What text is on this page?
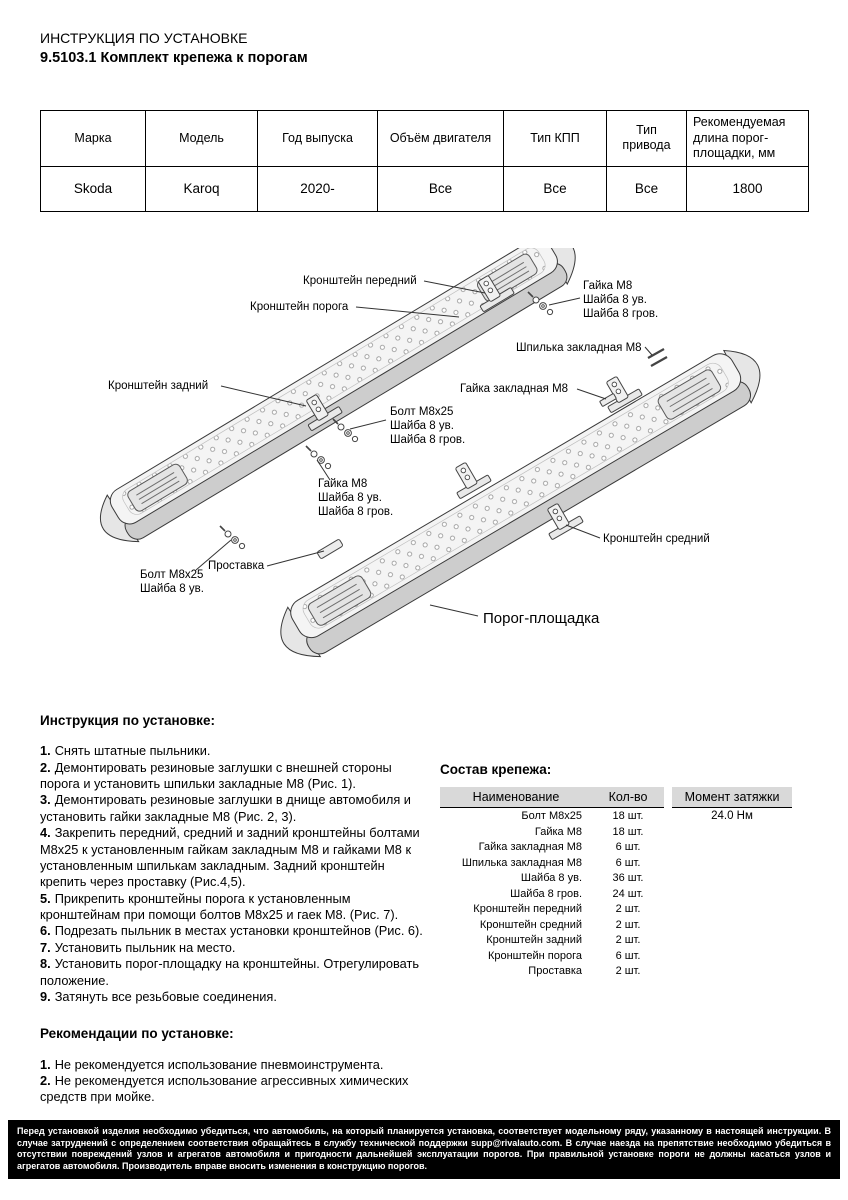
ИНСТРУКЦИЯ ПО УСТАНОВКЕ
9.5103.1 Комплект крепежа к порогам
Марка	Модель	Год выпуска	Объём двигателя	Тип КПП	Тип привода	Рекомендуемая длина порог-площадки, мм
Skoda	Karoq	2020-	Все	Все	Все	1800
Кронштейн передний
Кронштейн порога
Гайка М8 Шайба 8 ув. Шайба 8 гров.
Шпилька закладная М8
Гайка закладная М8
Кронштейн задний
Болт М8х25 Шайба 8 ув. Шайба 8 гров.
Гайка М8 Шайба 8 ув. Шайба 8 гров.
Кронштейн средний
Проставка
Болт М8х25 Шайба 8 ув.
Порог-площадка
Инструкция по установке:

1. Снять штатные пыльники.

2. Демонтировать резиновые заглушки с внешней стороны порога и установить шпильки закладные М8 (Рис. 1).

3. Демонтировать резиновые заглушки в днище автомобиля и установить гайки закладные М8 (Рис. 2, 3).

4. Закрепить передний, средний и задний кронштейны болтами М8х25 к установленным гайкам закладным М8 и гайками М8 к установленным шпилькам закладным. Задний кронштейн крепить через проставку (Рис.4,5).

5. Прикрепить кронштейны порога к установленным кронштейнам при помощи болтов М8х25 и гаек М8. (Рис. 7).

6. Подрезать пыльник в местах установки кронштейнов (Рис. 6).

7. Установить пыльник на место.

8. Установить порог-площадку на кронштейны. Отрегулировать положение.

9. Затянуть все резьбовые соединения.

Рекомендации по установке:

1. Не рекомендуется использование пневмоинструмента.

2. Не рекомендуется использование агрессивных химических средств при мойке.

Состав крепежа:
Наименование	Кол-во		Момент затяжки
Болт М8х25	18 шт.		24.0 Нм
Гайка М8	18 шт.		
Гайка закладная М8	6 шт.		
Шпилька закладная М8	6 шт.		
Шайба 8 ув.	36 шт.		
Шайба 8 гров.	24 шт.		
Кронштейн передний	2 шт.		
Кронштейн средний	2 шт.		
Кронштейн задний	2 шт.		
Кронштейн порога	6 шт.		
Проставка	2 шт.		
Перед установкой изделия необходимо убедиться, что автомобиль, на который планируется установка, соответствует модельному ряду, указанному в настоящей инструкции. В случае затруднений с определением соответствия обращайтесь в службу технической поддержки supp@rivalauto.com. В случае наезда на препятствие необходимо убедиться в отсутствии повреждений узлов и агрегатов автомобиля и пригодности дальнейшей эксплуатации порогов. При правильной установке пороги не должны касаться узлов и агрегатов автомобиля. Производитель вправе вносить изменения в конструкцию порогов.
